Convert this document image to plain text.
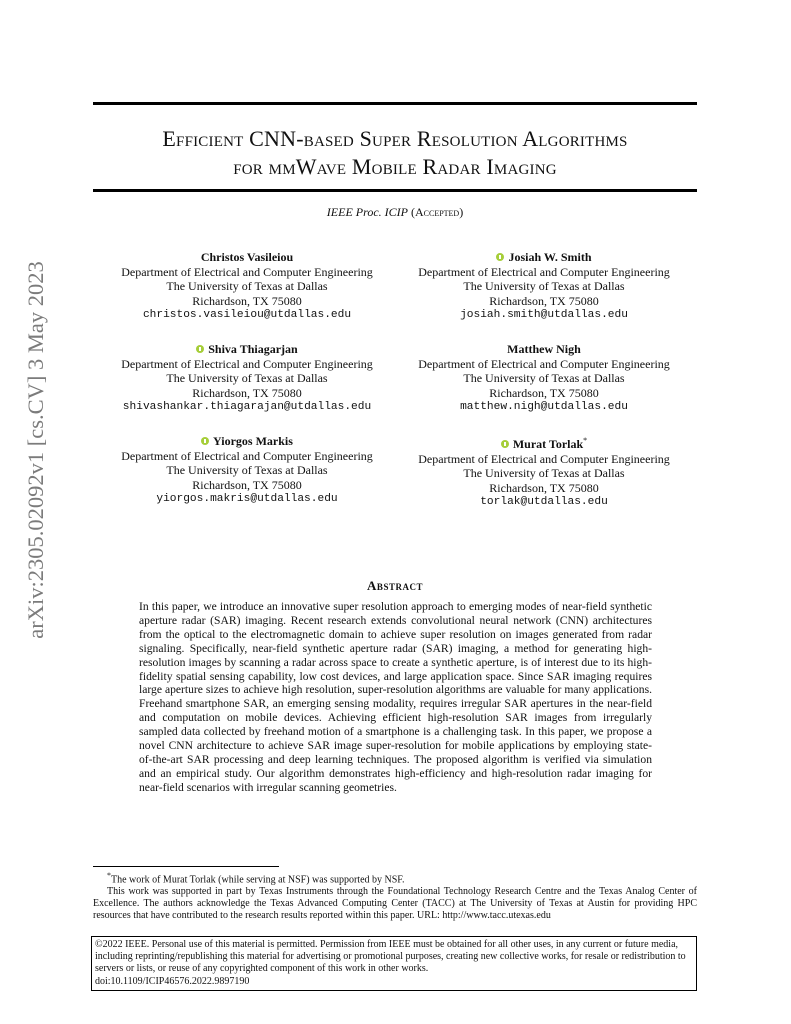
arXiv:2305.02092v1 [cs.CV] 3 May 2023
Efficient CNN-based Super Resolution Algorithms
for mmWave Mobile Radar Imaging
IEEE Proc. ICIP (Accepted)
Christos Vasileiou
Department of Electrical and Computer Engineering
The University of Texas at Dallas
Richardson, TX 75080
christos.vasileiou@utdallas.edu
Josiah W. Smith
Department of Electrical and Computer Engineering
The University of Texas at Dallas
Richardson, TX 75080
josiah.smith@utdallas.edu
Shiva Thiagarjan
Department of Electrical and Computer Engineering
The University of Texas at Dallas
Richardson, TX 75080
shivashankar.thiagarajan@utdallas.edu
Matthew Nigh
Department of Electrical and Computer Engineering
The University of Texas at Dallas
Richardson, TX 75080
matthew.nigh@utdallas.edu
Yiorgos Markis
Department of Electrical and Computer Engineering
The University of Texas at Dallas
Richardson, TX 75080
yiorgos.makris@utdallas.edu
Murat Torlak*
Department of Electrical and Computer Engineering
The University of Texas at Dallas
Richardson, TX 75080
torlak@utdallas.edu
Abstract

In this paper, we introduce an innovative super resolution approach to emerging modes of near-field synthetic aperture radar (SAR) imaging. Recent research extends convolutional neural network (CNN) architectures from the optical to the electromagnetic domain to achieve super resolution on images generated from radar signaling. Specifically, near-field synthetic aperture radar (SAR) imaging, a method for generating high-resolution images by scanning a radar across space to create a synthetic aperture, is of interest due to its high-fidelity spatial sensing capability, low cost devices, and large application space. Since SAR imaging requires large aperture sizes to achieve high resolution, super-resolution algorithms are valuable for many applications. Freehand smartphone SAR, an emerging sensing modality, requires irregular SAR apertures in the near-field and computation on mobile devices. Achieving efficient high-resolution SAR images from irregularly sampled data collected by freehand motion of a smartphone is a challenging task. In this paper, we propose a novel CNN architecture to achieve SAR image super-resolution for mobile applications by employing state-of-the-art SAR processing and deep learning techniques. The proposed algorithm is verified via simulation and an empirical study. Our algorithm demonstrates high-efficiency and high-resolution radar imaging for near-field scenarios with irregular scanning geometries.

*The work of Murat Torlak (while serving at NSF) was supported by NSF.

This work was supported in part by Texas Instruments through the Foundational Technology Research Centre and the Texas Analog Center of Excellence. The authors acknowledge the Texas Advanced Computing Center (TACC) at The University of Texas at Austin for providing HPC resources that have contributed to the research results reported within this paper. URL: http://www.tacc.utexas.edu

©2022 IEEE. Personal use of this material is permitted. Permission from IEEE must be obtained for all other uses, in any current or future media, including reprinting/republishing this material for advertising or promotional purposes, creating new collective works, for resale or redistribution to servers or lists, or reuse of any copyrighted component of this work in other works.
doi:10.1109/ICIP46576.2022.9897190
